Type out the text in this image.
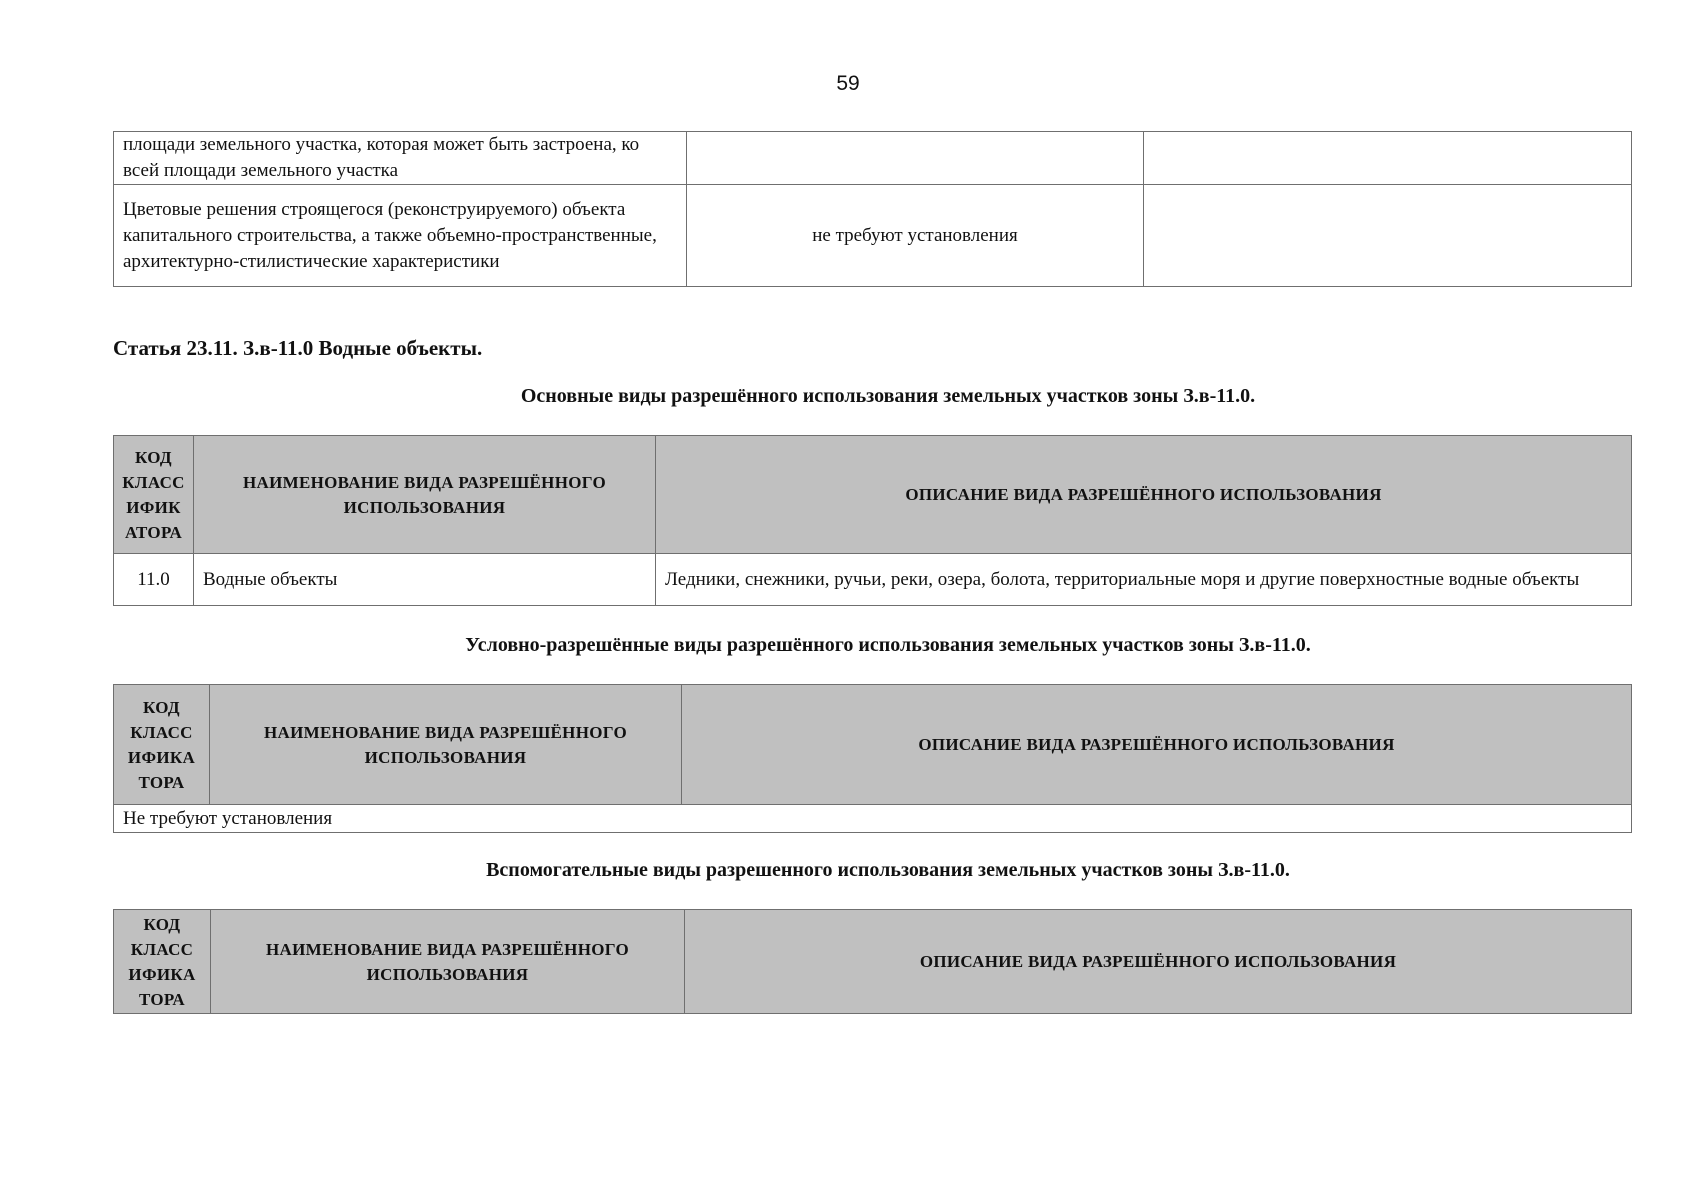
59
площади земельного участка, которая может быть застроена, ко всей площади земельного участка		
Цветовые решения строящегося (реконструируемого) объекта капитального строительства, а также объемно-пространственные, архитектурно-стилистические характеристики	не требуют установления	
Статья 23.11. З.в-11.0 Водные объекты.
Основные виды разрешённого использования земельных участков зоны З.в-11.0.
КОД КЛАСС ИФИК АТОРА	НАИМЕНОВАНИЕ ВИДА РАЗРЕШЁННОГО ИСПОЛЬЗОВАНИЯ	ОПИСАНИЕ ВИДА РАЗРЕШЁННОГО ИСПОЛЬЗОВАНИЯ
11.0	Водные объекты	Ледники, снежники, ручьи, реки, озера, болота, территориальные моря и другие поверхностные водные объекты
Условно-разрешённые виды разрешённого использования земельных участков зоны З.в-11.0.
КОД КЛАСС ИФИКА ТОРА	НАИМЕНОВАНИЕ ВИДА РАЗРЕШЁННОГО ИСПОЛЬЗОВАНИЯ	ОПИСАНИЕ ВИДА РАЗРЕШЁННОГО ИСПОЛЬЗОВАНИЯ
Не требуют установления
Вспомогательные виды разрешенного использования земельных участков зоны З.в-11.0.
КОД КЛАСС ИФИКА ТОРА	НАИМЕНОВАНИЕ ВИДА РАЗРЕШЁННОГО ИСПОЛЬЗОВАНИЯ	ОПИСАНИЕ ВИДА РАЗРЕШЁННОГО ИСПОЛЬЗОВАНИЯ
